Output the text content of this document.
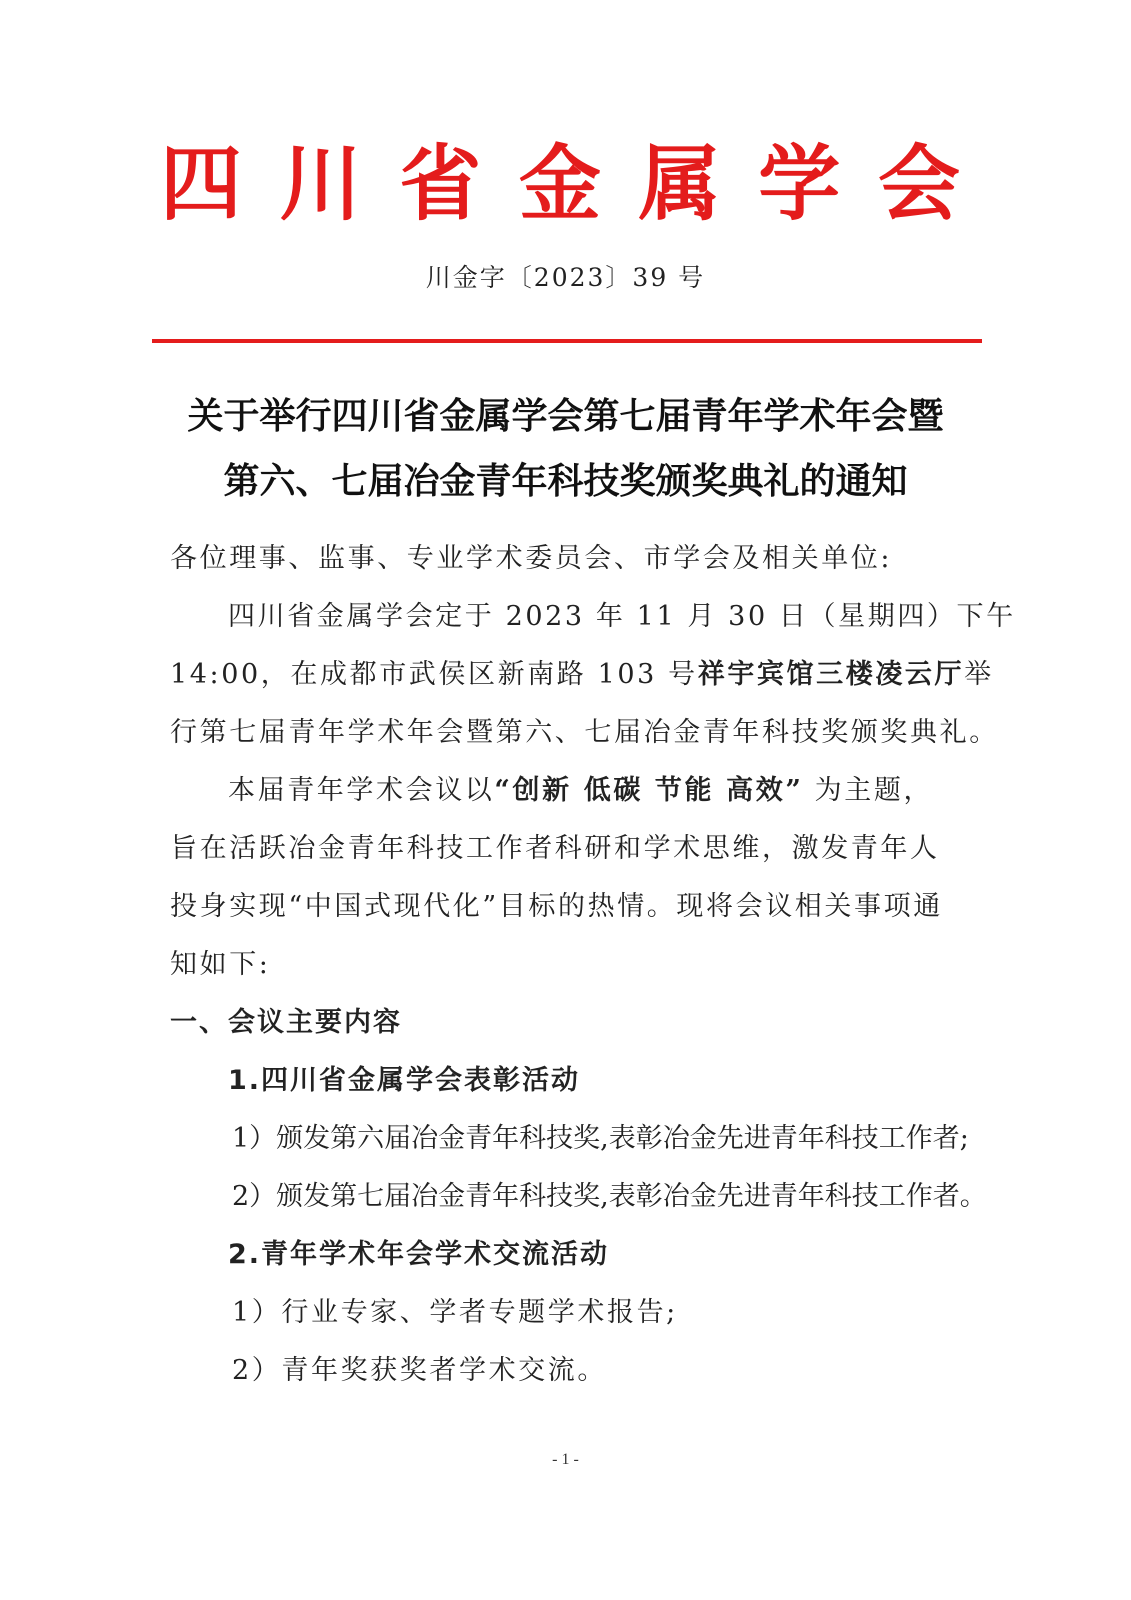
四 川 省 金 属 学 会
川金字〔2023〕39 号
关于举行四川省金属学会第七届青年学术年会暨
第六、七届冶金青年科技奖颁奖典礼的通知
各位理事、监事、专业学术委员会、市学会及相关单位:
四川省金属学会定于 2023 年 11 月 30 日（星期四）下午
14:00，在成都市武侯区新南路 103 号祥宇宾馆三楼凌云厅举
行第七届青年学术年会暨第六、七届冶金青年科技奖颁奖典礼。
本届青年学术会议以“创新 低碳 节能 高效” 为主题，
旨在活跃冶金青年科技工作者科研和学术思维，激发青年人
投身实现“中国式现代化”目标的热情。现将会议相关事项通
知如下:
一、会议主要内容
1.四川省金属学会表彰活动
1）颁发第六届冶金青年科技奖,表彰冶金先进青年科技工作者;
2）颁发第七届冶金青年科技奖,表彰冶金先进青年科技工作者。
2.青年学术年会学术交流活动
1）行业专家、学者专题学术报告;
2）青年奖获奖者学术交流。
- 1 -
